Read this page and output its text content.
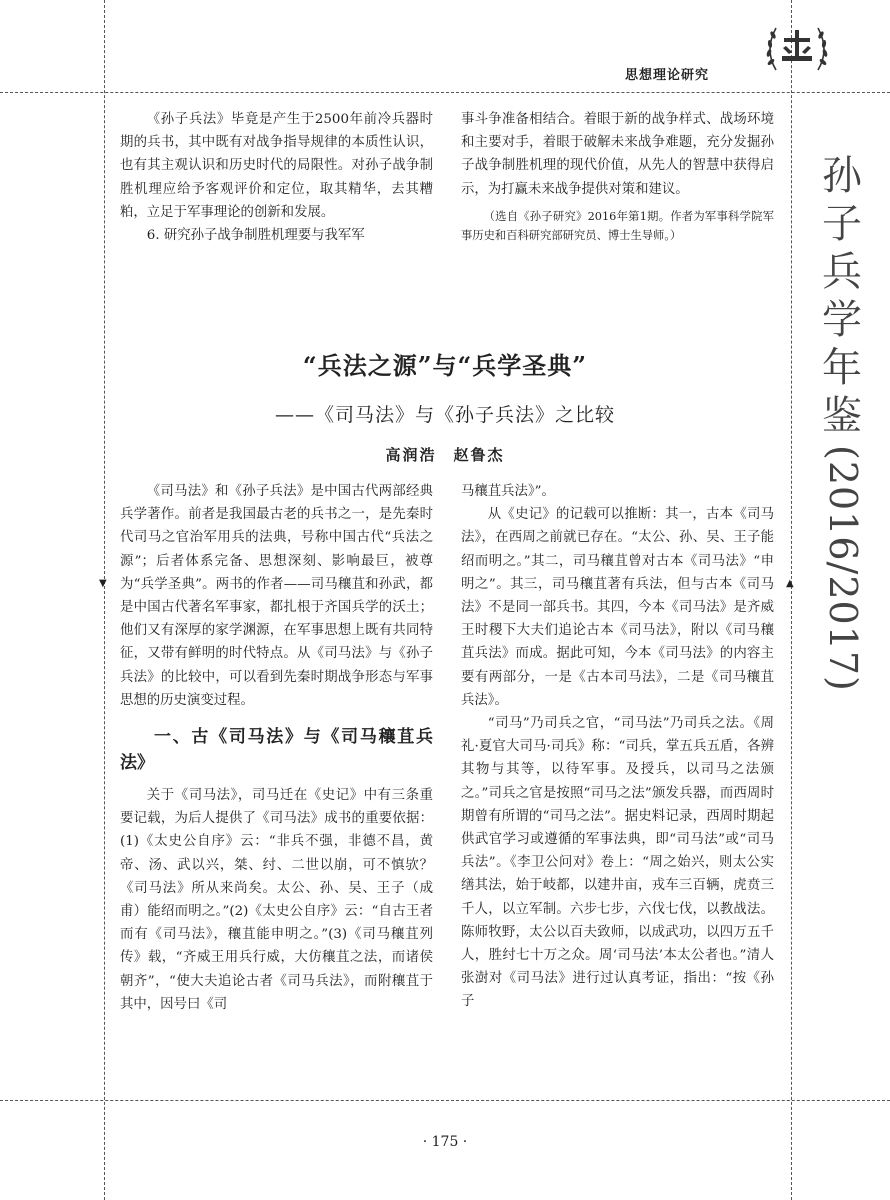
▼	▲
思想理论研究

《孙子兵法》毕竟是产生于2500年前冷兵器时期的兵书，其中既有对战争指导规律的本质性认识，也有其主观认识和历史时代的局限性。对孙子战争制胜机理应给予客观评价和定位，取其精华，去其糟粕，立足于军事理论的创新和发展。

6. 研究孙子战争制胜机理要与我军军

事斗争准备相结合。着眼于新的战争样式、战场环境和主要对手，着眼于破解未来战争难题，充分发掘孙子战争制胜机理的现代价值，从先人的智慧中获得启示，为打赢未来战争提供对策和建议。

（选自《孙子研究》2016年第1期。作者为军事科学院军事历史和百科研究部研究员、博士生导师。）

“兵法之源”与“兵学圣典”
——《司马法》与《孙子兵法》之比较
高润浩　赵鲁杰

《司马法》和《孙子兵法》是中国古代两部经典兵学著作。前者是我国最古老的兵书之一，是先秦时代司马之官治军用兵的法典，号称中国古代“兵法之源”；后者体系完备、思想深刻、影响最巨，被尊为“兵学圣典”。两书的作者——司马穰苴和孙武，都是中国古代著名军事家，都扎根于齐国兵学的沃土；他们又有深厚的家学渊源，在军事思想上既有共同特征，又带有鲜明的时代特点。从《司马法》与《孙子兵法》的比较中，可以看到先秦时期战争形态与军事思想的历史演变过程。

一、古《司马法》与《司马穰苴兵法》

关于《司马法》，司马迁在《史记》中有三条重要记载，为后人提供了《司马法》成书的重要依据：(1)《太史公自序》云：“非兵不强，非德不昌，黄帝、汤、武以兴，桀、纣、二世以崩，可不慎欤？《司马法》所从来尚矣。太公、孙、吴、王子（成甫）能绍而明之。”(2)《太史公自序》云：“自古王者而有《司马法》，穰苴能申明之。”(3)《司马穰苴列传》载，“齐威王用兵行威，大仿穰苴之法，而诸侯朝齐”，“使大夫追论古者《司马兵法》，而附穰苴于其中，因号曰《司

马穰苴兵法》”。

从《史记》的记载可以推断：其一，古本《司马法》，在西周之前就已存在。“太公、孙、吴、王子能绍而明之。”其二，司马穰苴曾对古本《司马法》“申明之”。其三，司马穰苴著有兵法，但与古本《司马法》不是同一部兵书。其四，今本《司马法》是齐威王时稷下大夫们追论古本《司马法》，附以《司马穰苴兵法》而成。据此可知，今本《司马法》的内容主要有两部分，一是《古本司马法》，二是《司马穰苴兵法》。

“司马”乃司兵之官，“司马法”乃司兵之法。《周礼·夏官大司马·司兵》称：“司兵，掌五兵五盾，各辨其物与其等，以待军事。及授兵，以司马之法颁之。”司兵之官是按照“司马之法”颁发兵器，而西周时期曾有所谓的“司马之法”。据史料记录，西周时期起供武官学习或遵循的军事法典，即“司马法”或“司马兵法”。《李卫公问对》卷上：“周之始兴，则太公实缮其法，始于岐都，以建井亩，戎车三百辆，虎贲三千人，以立军制。六步七步，六伐七伐，以教战法。陈师牧野，太公以百夫致师，以成武功，以四万五千人，胜纣七十万之众。周‘司马法’本太公者也。”清人张澍对《司马法》进行过认真考证，指出：“按《孙子

孙
子
兵
学
年
鉴
(2016/2017)
· 175 ·
